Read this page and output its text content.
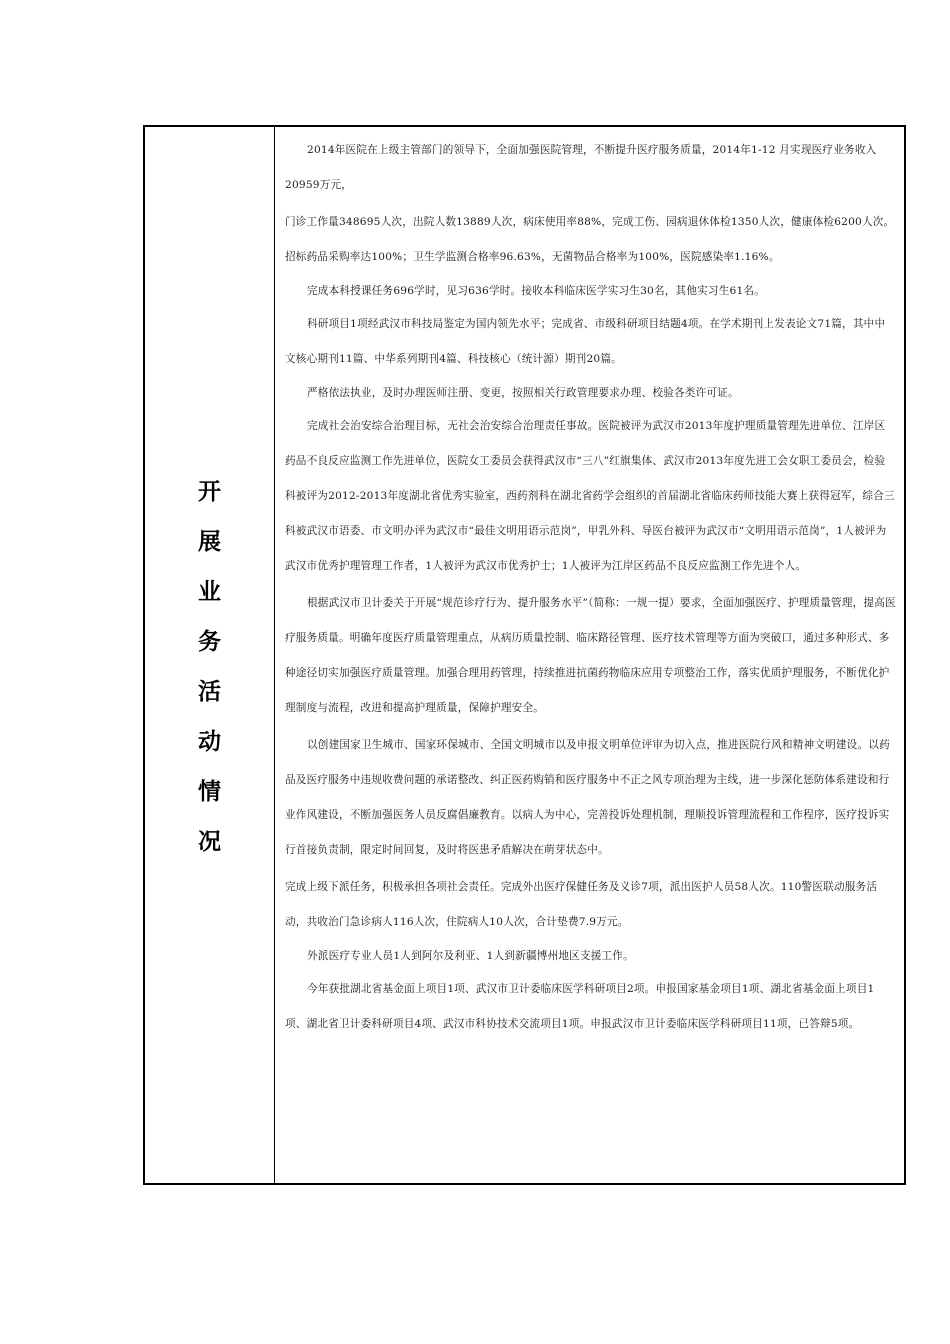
开
展
业
务
活
动
情
况

2014年医院在上级主管部门的领导下，全面加强医院管理，不断提升医疗服务质量，2014年1-12 月实现医疗业务收入20959万元，

门诊工作量348695人次，出院人数13889人次，病床使用率88%，完成工伤、园病退休体检1350人次，健康体检6200人次。招标药品采购率达100%；卫生学监测合格率96.63%，无菌物品合格率为100%，医院感染率1.16%。

完成本科授课任务696学时，见习636学时。接收本科临床医学实习生30名，其他实习生61名。

科研项目1项经武汉市科技局鉴定为国内领先水平；完成省、市级科研项目结题4项。在学术期刊上发表论文71篇，其中中文核心期刊11篇、中华系列期刊4篇、科技核心（统计源）期刊20篇。

严格依法执业，及时办理医师注册、变更，按照相关行政管理要求办理、校验各类许可证。

完成社会治安综合治理目标，无社会治安综合治理责任事故。医院被评为武汉市2013年度护理质量管理先进单位、江岸区药品不良反应监测工作先进单位，医院女工委员会获得武汉市“三八”红旗集体、武汉市2013年度先进工会女职工委员会，检验科被评为2012-2013年度湖北省优秀实验室，西药剂科在湖北省药学会组织的首届湖北省临床药师技能大赛上获得冠军，综合三科被武汉市语委、市文明办评为武汉市“最佳文明用语示范岗”，甲乳外科、导医台被评为武汉市“文明用语示范岗”，1人被评为武汉市优秀护理管理工作者，1人被评为武汉市优秀护士；1人被评为江岸区药品不良反应监测工作先进个人。

根据武汉市卫计委关于开展“规范诊疗行为、提升服务水平”（简称：一规一提）要求，全面加强医疗、护理质量管理，提高医疗服务质量。明确年度医疗质量管理重点，从病历质量控制、临床路径管理、医疗技术管理等方面为突破口，通过多种形式、多种途径切实加强医疗质量管理。加强合理用药管理，持续推进抗菌药物临床应用专项整治工作，落实优质护理服务，不断优化护理制度与流程，改进和提高护理质量，保障护理安全。

以创建国家卫生城市、国家环保城市、全国文明城市以及申报文明单位评审为切入点，推进医院行风和精神文明建设。以药品及医疗服务中违规收费问题的承诺整改、纠正医药购销和医疗服务中不正之风专项治理为主线，进一步深化惩防体系建设和行业作风建设，不断加强医务人员反腐倡廉教育。以病人为中心，完善投诉处理机制，理顺投诉管理流程和工作程序，医疗投诉实行首接负责制，限定时间回复，及时将医患矛盾解决在萌芽状态中。

完成上级下派任务，积极承担各项社会责任。完成外出医疗保健任务及义诊7项，派出医护人员58人次。110警医联动服务活动，共收治门急诊病人116人次，住院病人10人次，合计垫费7.9万元。

外派医疗专业人员1人到阿尔及利亚、1人到新疆博州地区支援工作。

今年获批湖北省基金面上项目1项、武汉市卫计委临床医学科研项目2项。申报国家基金项目1项、湖北省基金面上项目1项、湖北省卫计委科研项目4项、武汉市科协技术交流项目1项。申报武汉市卫计委临床医学科研项目11项，已答辩5项。
